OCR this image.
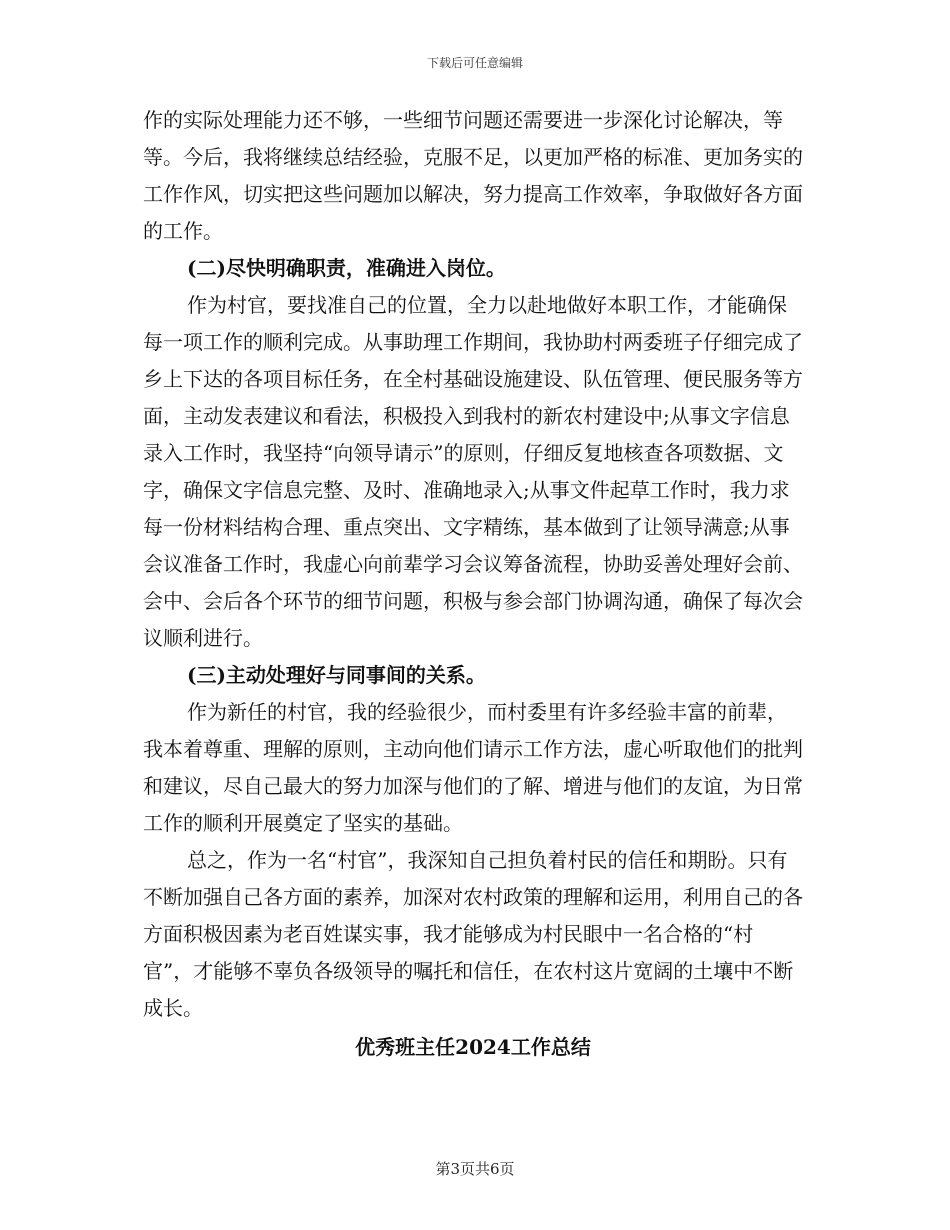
下载后可任意编辑

作的实际处理能力还不够，一些细节问题还需要进一步深化讨论解决，等等。今后，我将继续总结经验，克服不足，以更加严格的标准、更加务实的工作作风，切实把这些问题加以解决，努力提高工作效率，争取做好各方面的工作。

(二)尽快明确职责，准确进入岗位。

作为村官，要找准自己的位置，全力以赴地做好本职工作，才能确保每一项工作的顺利完成。从事助理工作期间，我协助村两委班子仔细完成了乡上下达的各项目标任务，在全村基础设施建设、队伍管理、便民服务等方面，主动发表建议和看法，积极投入到我村的新农村建设中;从事文字信息录入工作时，我坚持“向领导请示”的原则，仔细反复地核查各项数据、文字，确保文字信息完整、及时、准确地录入;从事文件起草工作时，我力求每一份材料结构合理、重点突出、文字精练，基本做到了让领导满意;从事会议准备工作时，我虚心向前辈学习会议筹备流程，协助妥善处理好会前、会中、会后各个环节的细节问题，积极与参会部门协调沟通，确保了每次会议顺利进行。

(三)主动处理好与同事间的关系。

作为新任的村官，我的经验很少，而村委里有许多经验丰富的前辈，我本着尊重、理解的原则，主动向他们请示工作方法，虚心听取他们的批判和建议，尽自己最大的努力加深与他们的了解、增进与他们的友谊，为日常工作的顺利开展奠定了坚实的基础。

总之，作为一名“村官”，我深知自己担负着村民的信任和期盼。只有不断加强自己各方面的素养，加深对农村政策的理解和运用，利用自己的各方面积极因素为老百姓谋实事，我才能够成为村民眼中一名合格的“村官”，才能够不辜负各级领导的嘱托和信任，在农村这片宽阔的土壤中不断成长。

优秀班主任2024工作总结

第3页共6页
